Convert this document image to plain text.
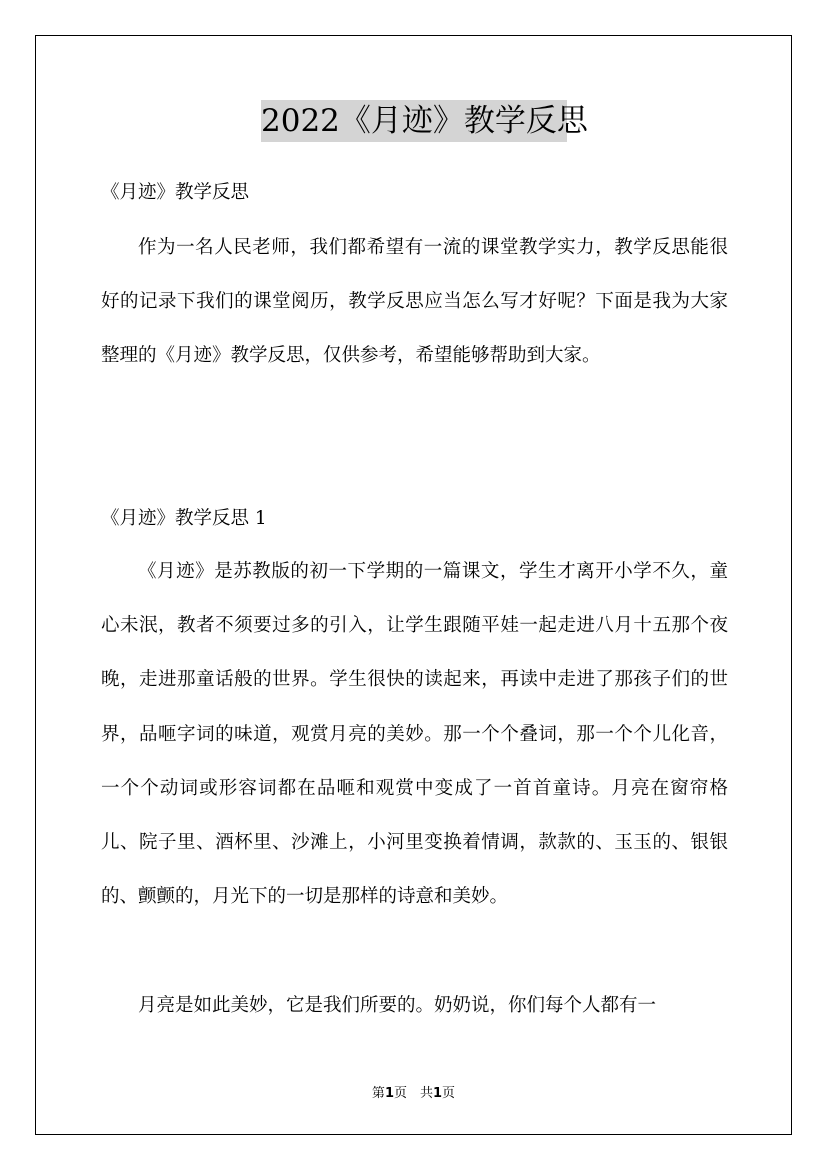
2022《月迹》教学反思

《月迹》教学反思

作为一名人民老师，我们都希望有一流的课堂教学实力，教学反思能很好的记录下我们的课堂阅历，教学反思应当怎么写才好呢？下面是我为大家整理的《月迹》教学反思，仅供参考，希望能够帮助到大家。

《月迹》教学反思 1

《月迹》是苏教版的初一下学期的一篇课文，学生才离开小学不久，童心未泯，教者不须要过多的引入，让学生跟随平娃一起走进八月十五那个夜晚，走进那童话般的世界。学生很快的读起来，再读中走进了那孩子们的世界，品咂字词的味道，观赏月亮的美妙。那一个个叠词，那一个个儿化音，一个个动词或形容词都在品咂和观赏中变成了一首首童诗。月亮在窗帘格儿、院子里、酒杯里、沙滩上，小河里变换着情调，款款的、玉玉的、银银的、颤颤的，月光下的一切是那样的诗意和美妙。

月亮是如此美妙，它是我们所要的。奶奶说，你们每个人都有一

第1页　共1页
